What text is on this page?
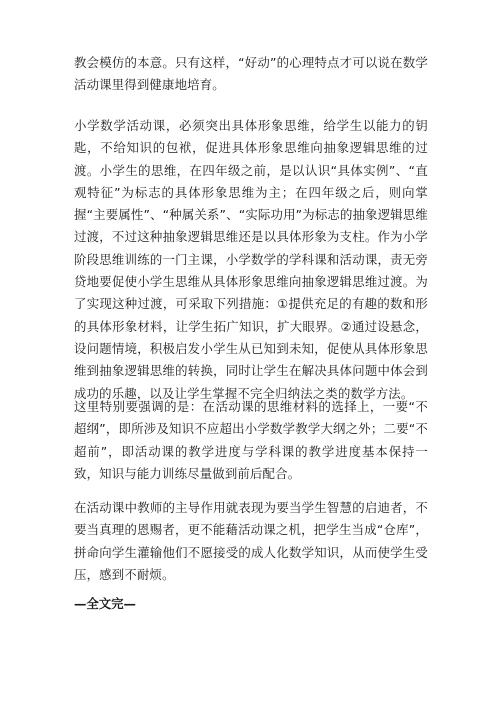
教会模仿的本意。只有这样，“好动”的心理特点才可以说在数学活动课里得到健康地培育。

小学数学活动课，必须突出具体形象思维，给学生以能力的钥匙，不给知识的包袱，促进具体形象思维向抽象逻辑思维的过渡。小学生的思维，在四年级之前，是以认识“具体实例”、“直观特征”为标志的具体形象思维为主；在四年级之后，则向掌握“主要属性”、“种属关系”、“实际功用”为标志的抽象逻辑思维过渡，不过这种抽象逻辑思维还是以具体形象为支柱。作为小学阶段思维训练的一门主课，小学数学的学科课和活动课，责无旁贷地要促使小学生思维从具体形象思维向抽象逻辑思维过渡。为了实现这种过渡，可采取下列措施：①提供充足的有趣的数和形的具体形象材料，让学生拓广知识，扩大眼界。②通过设悬念，设问题情境，积极启发小学生从已知到未知，促使从具体形象思维到抽象逻辑思维的转换，同时让学生在解决具体问题中体会到成功的乐趣，以及让学生掌握不完全归纳法之类的数学方法。

这里特别要强调的是：在活动课的思维材料的选择上，一要“不超纲”，即所涉及知识不应超出小学数学教学大纲之外；二要“不超前”，即活动课的教学进度与学科课的教学进度基本保持一致，知识与能力训练尽量做到前后配合。

在活动课中教师的主导作用就表现为要当学生智慧的启迪者，不要当真理的恩赐者，更不能藉活动课之机，把学生当成“仓库”，拼命向学生灌输他们不愿接受的成人化数学知识，从而使学生受压，感到不耐烦。

—全文完—
